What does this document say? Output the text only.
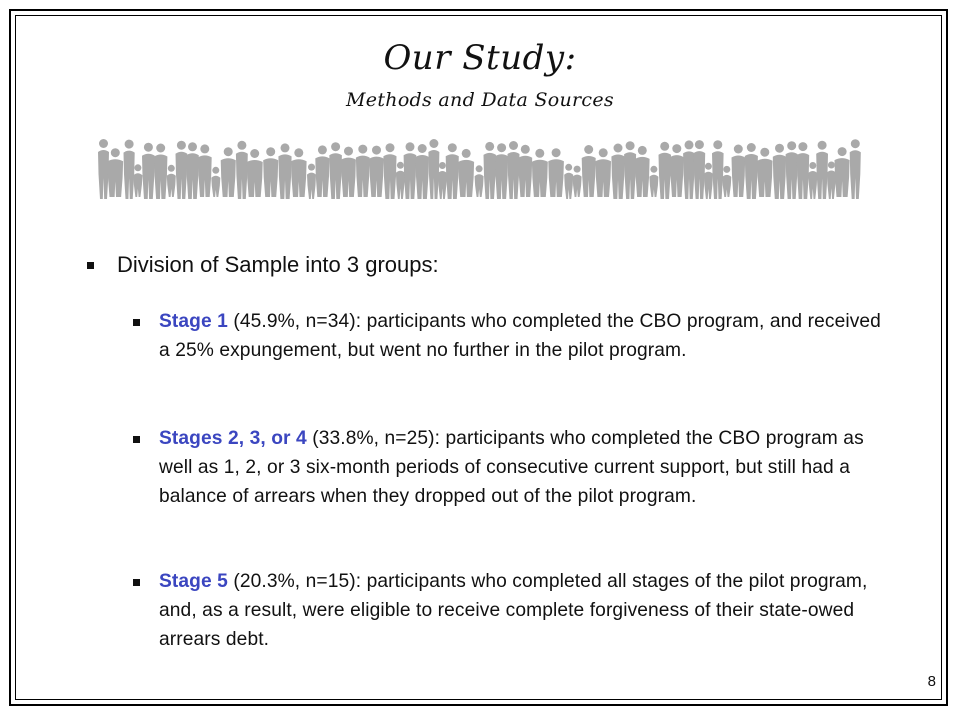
Our Study:
Methods and Data Sources
Division of Sample into 3 groups:
Stage 1 (45.9%, n=34): participants who completed the CBO program, and received a 25% expungement, but went no further in the pilot program.
Stages 2, 3, or 4 (33.8%, n=25): participants who completed the CBO program as well as 1, 2, or 3 six-month periods of consecutive current support, but still had a balance of arrears when they dropped out of the pilot program.
Stage 5 (20.3%, n=15): participants who completed all stages of the pilot program, and, as a result, were eligible to receive complete forgiveness of their state-owed arrears debt.
8
